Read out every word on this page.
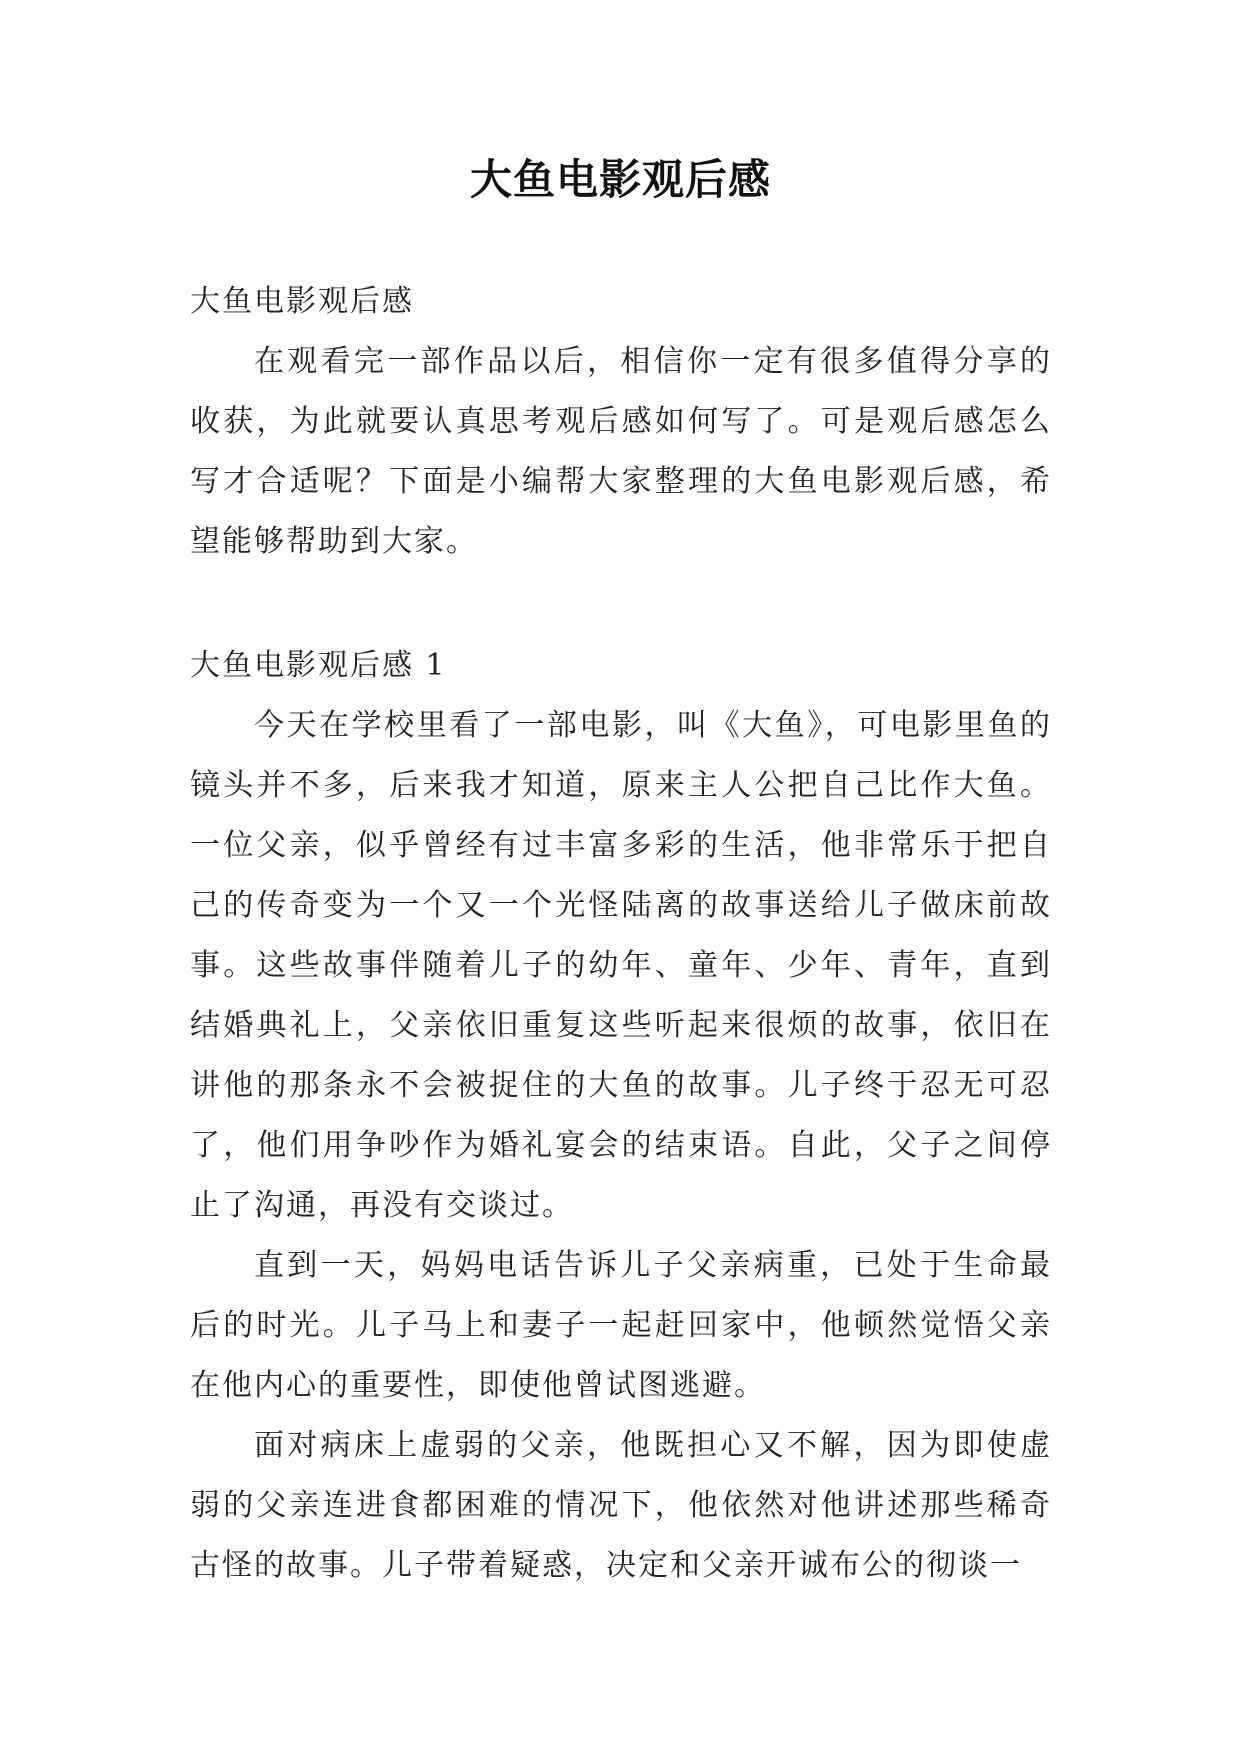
大鱼电影观后感

大鱼电影观后感

在观看完一部作品以后，相信你一定有很多值得分享的收获，为此就要认真思考观后感如何写了。可是观后感怎么写才合适呢？下面是小编帮大家整理的大鱼电影观后感，希望能够帮助到大家。

大鱼电影观后感 1

今天在学校里看了一部电影，叫《大鱼》，可电影里鱼的镜头并不多，后来我才知道，原来主人公把自己比作大鱼。一位父亲，似乎曾经有过丰富多彩的生活，他非常乐于把自己的传奇变为一个又一个光怪陆离的故事送给儿子做床前故事。这些故事伴随着儿子的幼年、童年、少年、青年，直到结婚典礼上，父亲依旧重复这些听起来很烦的故事，依旧在讲他的那条永不会被捉住的大鱼的故事。儿子终于忍无可忍了，他们用争吵作为婚礼宴会的结束语。自此，父子之间停止了沟通，再没有交谈过。

直到一天，妈妈电话告诉儿子父亲病重，已处于生命最后的时光。儿子马上和妻子一起赶回家中，他顿然觉悟父亲在他内心的重要性，即使他曾试图逃避。

面对病床上虚弱的父亲，他既担心又不解，因为即使虚弱的父亲连进食都困难的情况下，他依然对他讲述那些稀奇古怪的故事。儿子带着疑惑，决定和父亲开诚布公的彻谈一
